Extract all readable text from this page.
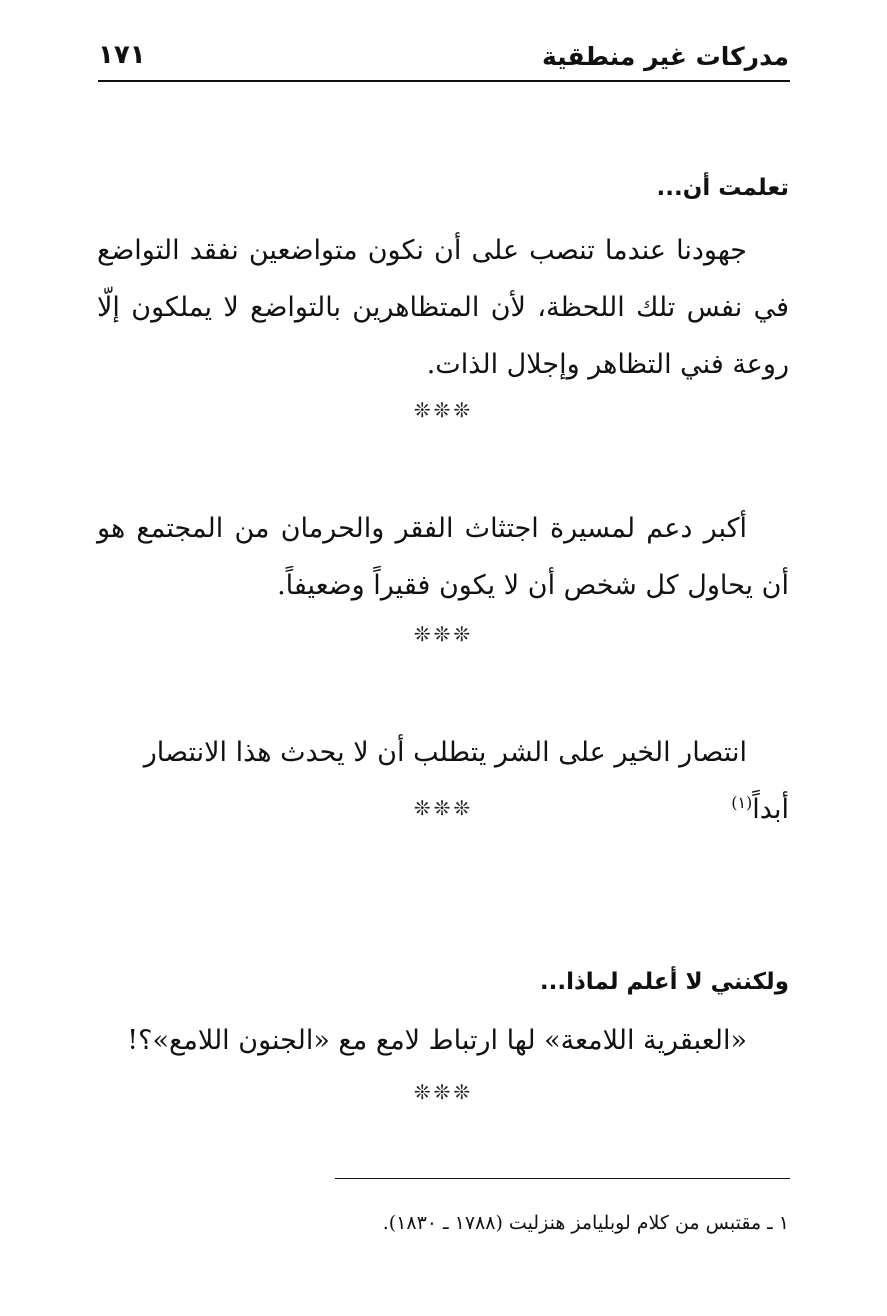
مدركات غير منطقية
١٧١
تعلمت أن...

جهودنا عندما تنصب على أن نكون متواضعين نفقد التواضع في نفس تلك اللحظة، لأن المتظاهرين بالتواضع لا يملكون إلّا روعة فني التظاهر وإجلال الذات.

❊❊❊

أكبر دعم لمسيرة اجتثاث الفقر والحرمان من المجتمع هو أن يحاول كل شخص أن لا يكون فقيراً وضعيفاً.

❊❊❊

انتصار الخير على الشر يتطلب أن لا يحدث هذا الانتصار أبداً$^{(١)}$

❊❊❊
ولكنني لا أعلم لماذا...

«العبقرية اللامعة» لها ارتباط لامع مع «الجنون اللامع»؟!

❊❊❊

١ ـ مقتبس من كلام لوبليامز هنزليت (١٧٨٨ ـ ١٨٣٠).
